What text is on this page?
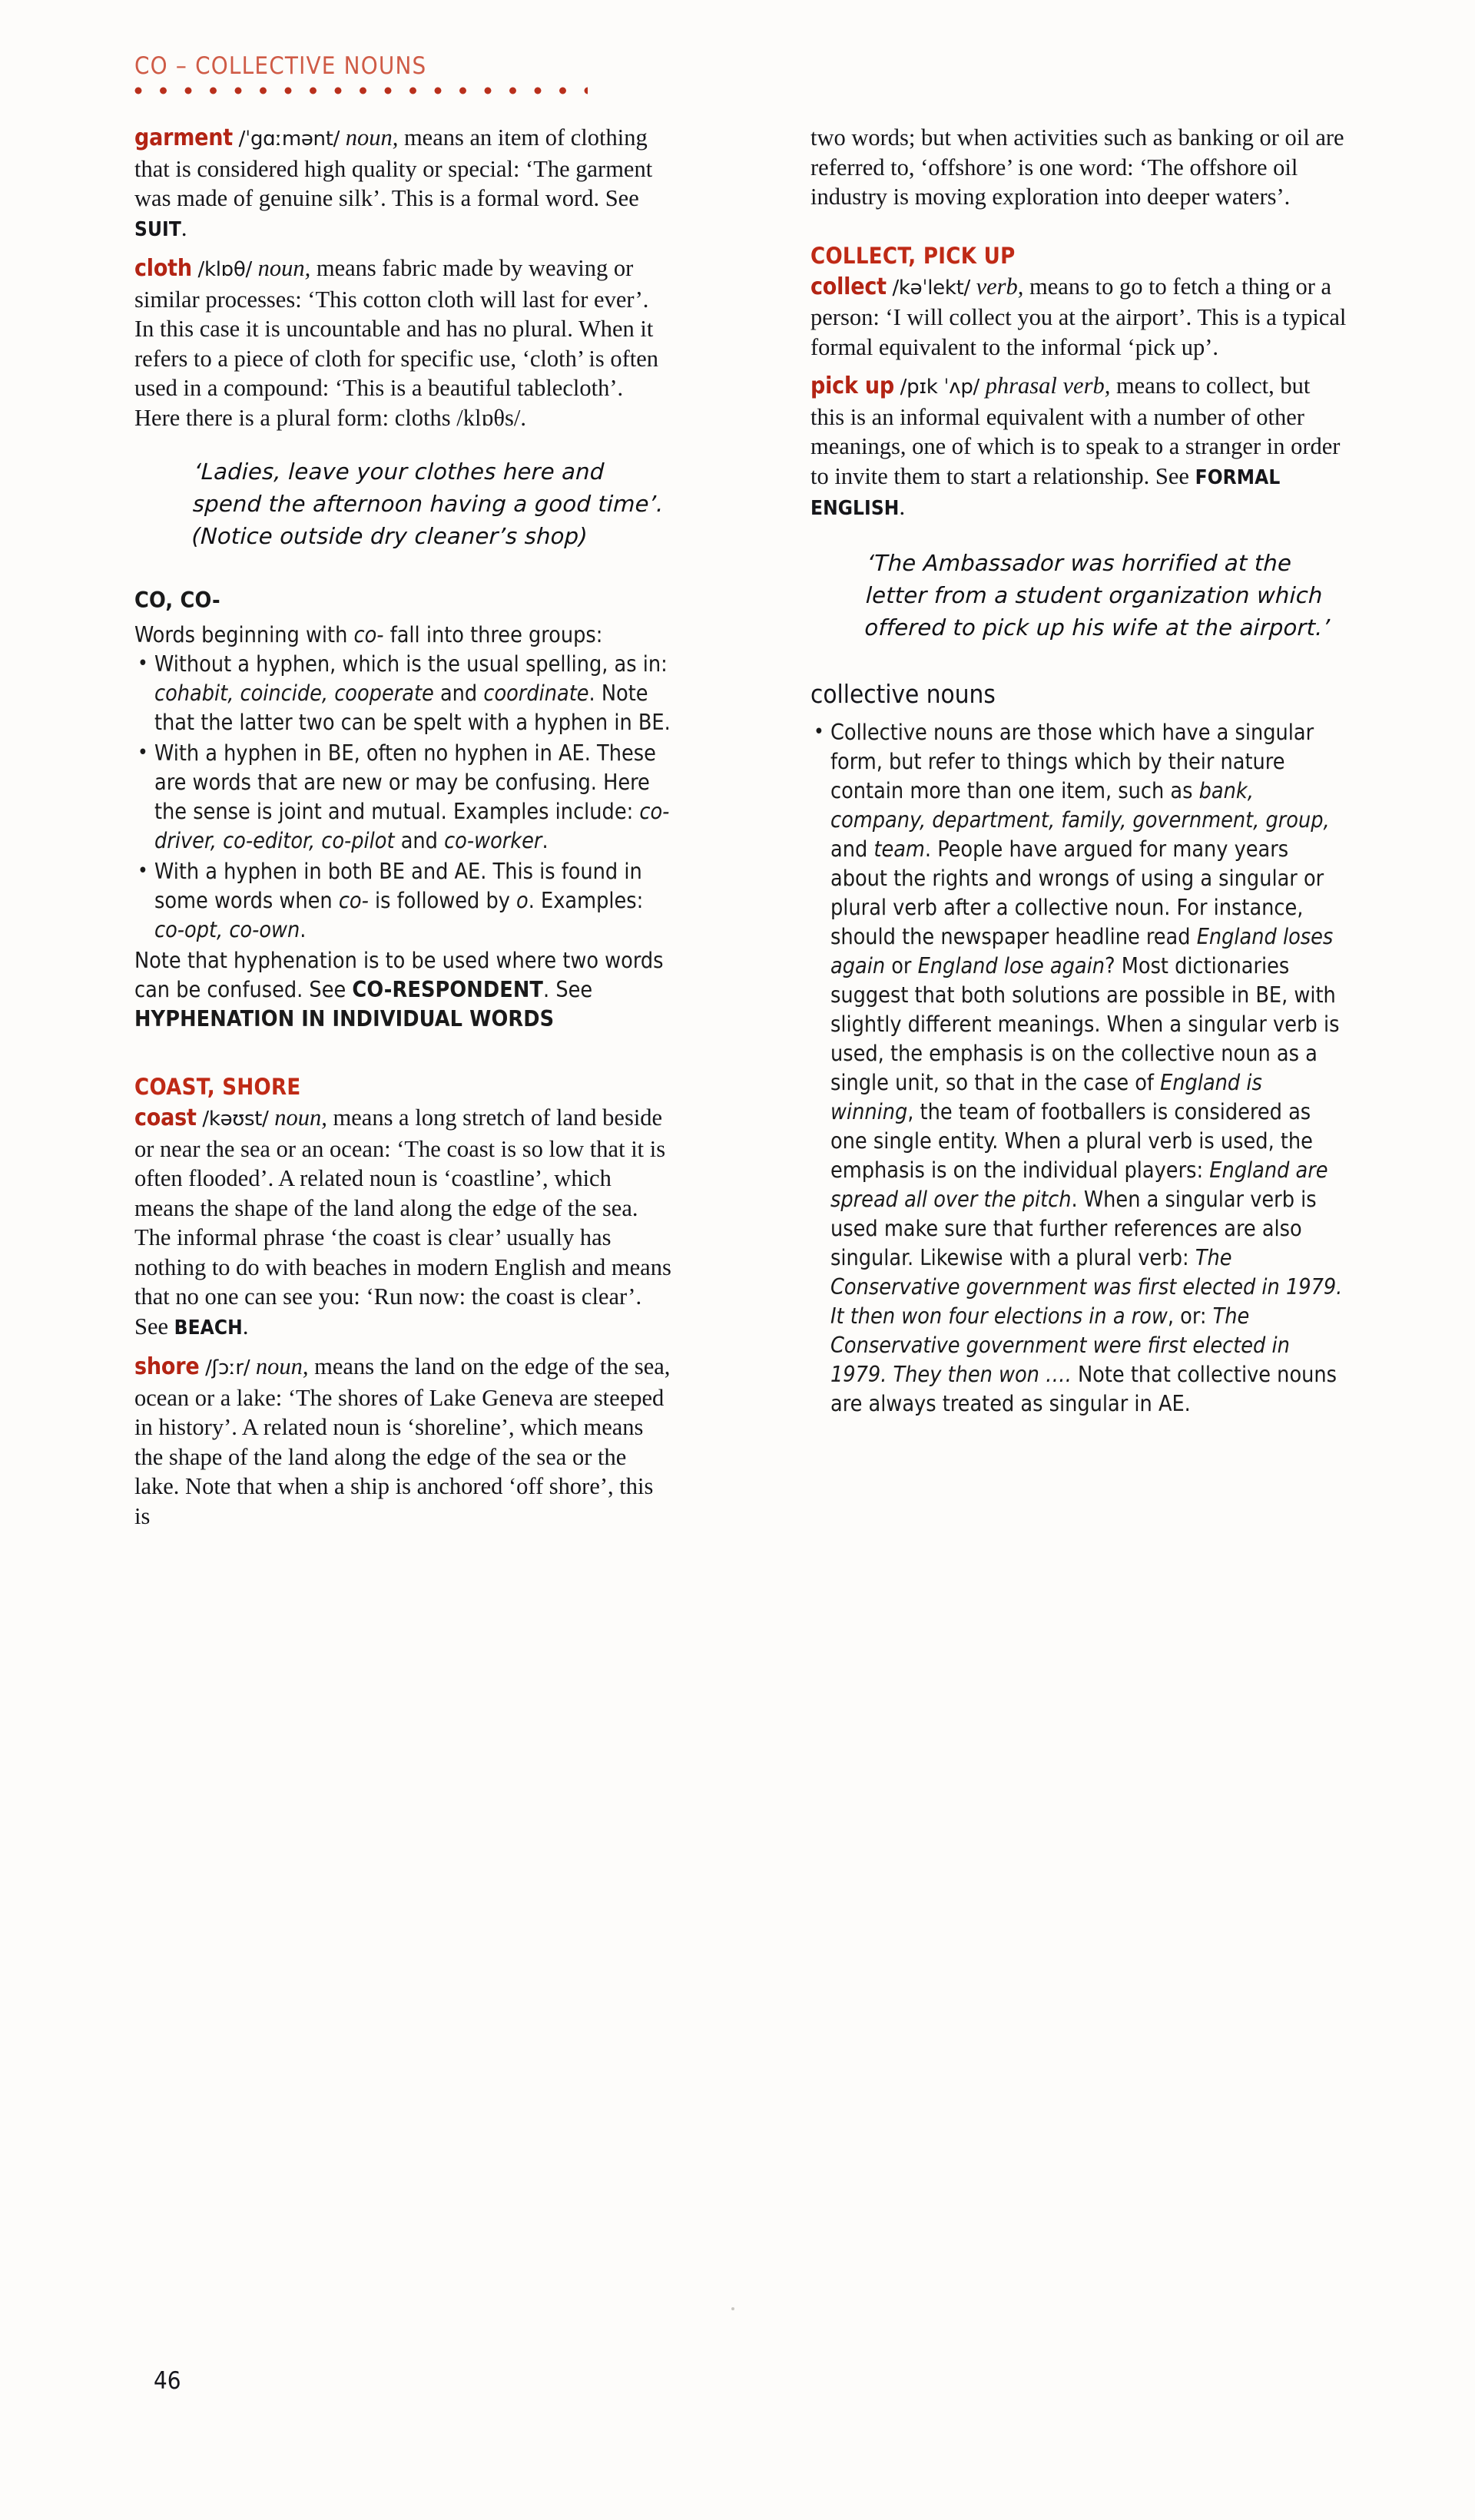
CO – COLLECTIVE NOUNS

garment /ˈgɑːmənt/ noun, means an item of clothing that is considered high quality or special: ‘The garment was made of genuine silk’. This is a formal word. See SUIT.

cloth /klɒθ/ noun, means fabric made by weaving or similar processes: ‘This cotton cloth will last for ever’. In this case it is uncountable and has no plural. When it refers to a piece of cloth for specific use, ‘cloth’ is often used in a compound: ‘This is a beautiful tablecloth’. Here there is a plural form: cloths /klɒθs/.

‘Ladies, leave your clothes here and spend the afternoon having a good time’. (Notice outside dry cleaner’s shop)
CO, CO-

Words beginning with co- fall into three groups:

• Without a hyphen, which is the usual spelling, as in: cohabit, coincide, cooperate and coordinate. Note that the latter two can be spelt with a hyphen in BE.
• With a hyphen in BE, often no hyphen in AE. These are words that are new or may be confusing. Here the sense is joint and mutual. Examples include: co-driver, co-editor, co-pilot and co-worker.
• With a hyphen in both BE and AE. This is found in some words when co- is followed by o. Examples: co-opt, co-own.

Note that hyphenation is to be used where two words can be confused. See CO-RESPONDENT. See HYPHENATION IN INDIVIDUAL WORDS

COAST, SHORE

coast /kəʊst/ noun, means a long stretch of land beside or near the sea or an ocean: ‘The coast is so low that it is often flooded’. A related noun is ‘coastline’, which means the shape of the land along the edge of the sea. The informal phrase ‘the coast is clear’ usually has nothing to do with beaches in modern English and means that no one can see you: ‘Run now: the coast is clear’. See BEACH.

shore /ʃɔːr/ noun, means the land on the edge of the sea, ocean or a lake: ‘The shores of Lake Geneva are steeped in history’. A related noun is ‘shoreline’, which means the shape of the land along the edge of the sea or the lake. Note that when a ship is anchored ‘off shore’, this is

two words; but when activities such as banking or oil are referred to, ‘offshore’ is one word: ‘The offshore oil industry is moving exploration into deeper waters’.

COLLECT, PICK UP

collect /kəˈlekt/ verb, means to go to fetch a thing or a person: ‘I will collect you at the airport’. This is a typical formal equivalent to the informal ‘pick up’.

pick up /pɪk ˈʌp/ phrasal verb, means to collect, but this is an informal equivalent with a number of other meanings, one of which is to speak to a stranger in order to invite them to start a relationship. See FORMAL ENGLISH.

‘The Ambassador was horrified at the letter from a student organization which offered to pick up his wife at the airport.’
collective nouns
• Collective nouns are those which have a singular form, but refer to things which by their nature contain more than one item, such as bank, company, department, family, government, group, and team. People have argued for many years about the rights and wrongs of using a singular or plural verb after a collective noun. For instance, should the newspaper headline read England loses again or England lose again? Most dictionaries suggest that both solutions are possible in BE, with slightly different meanings. When a singular verb is used, the emphasis is on the collective noun as a single unit, so that in the case of England is winning, the team of footballers is considered as one single entity. When a plural verb is used, the emphasis is on the individual players: England are spread all over the pitch. When a singular verb is used make sure that further references are also singular. Likewise with a plural verb: The Conservative government was first elected in 1979. It then won four elections in a row, or: The Conservative government were first elected in 1979. They then won …. Note that collective nouns are always treated as singular in AE.
46
